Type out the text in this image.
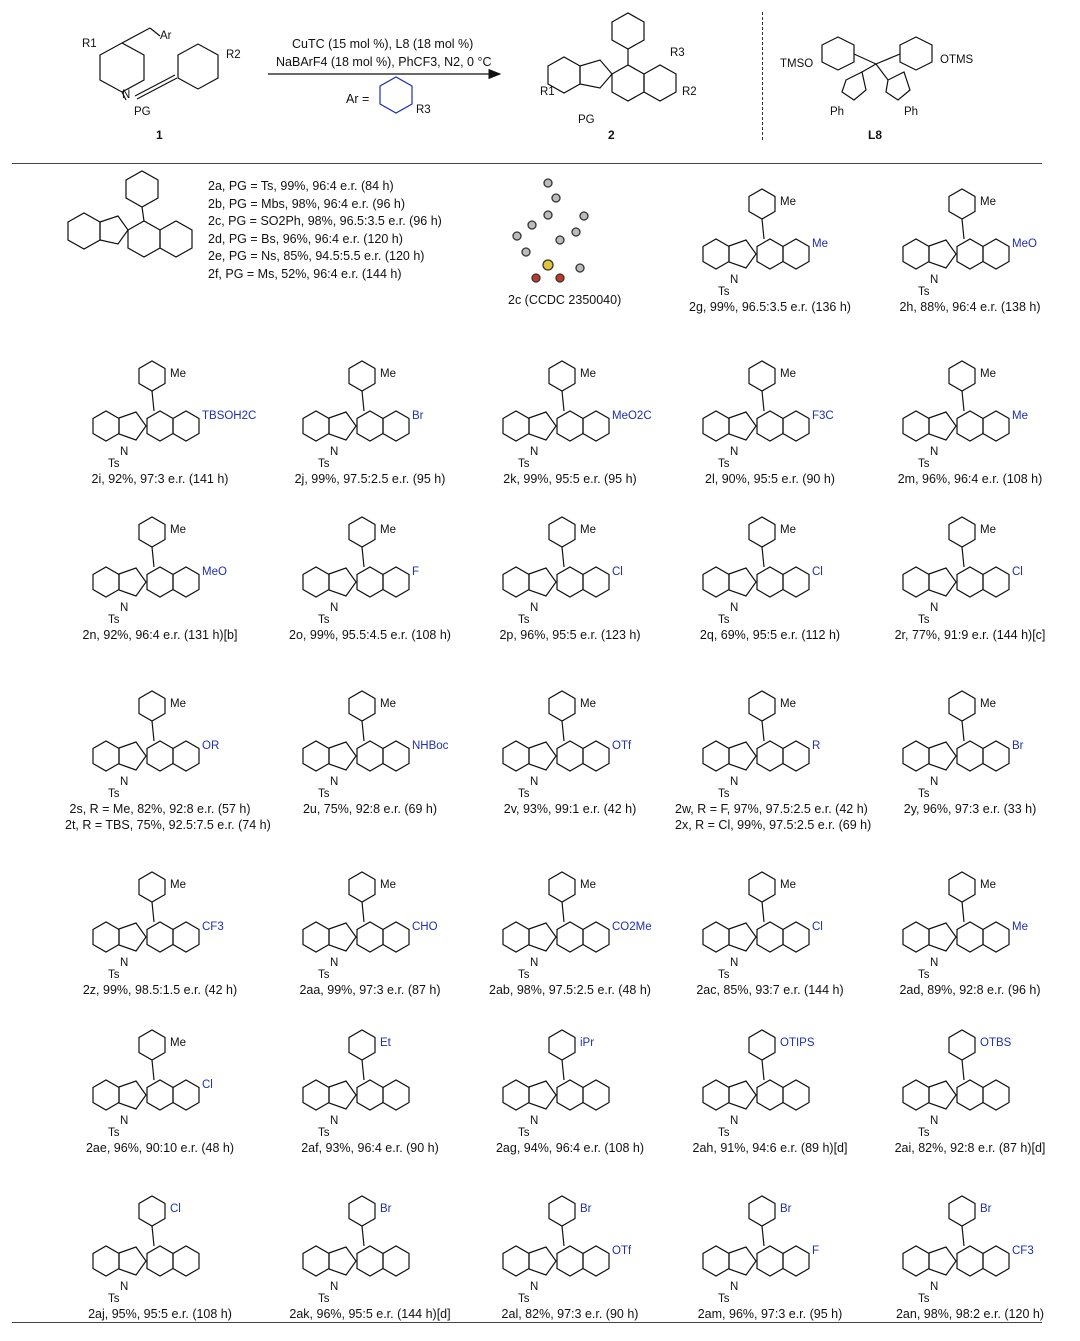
CuTC (15 mol %), L8 (18 mol %)
NaBArF4 (18 mol %), PhCF3, N2, 0 °C
Ar =
1	2	L8
R1
Ar
R2
N
PG	R3
R3
R1	R2
PG
TMSO	OTMS
Ph	Ph
2a, PG = Ts, 99%, 96:4 e.r. (84 h)
2b, PG = Mbs, 98%, 96:4 e.r. (96 h)
2c, PG = SO2Ph, 98%, 96.5:3.5 e.r. (96 h)
2d, PG = Bs, 96%, 96:4 e.r. (120 h)
2e, PG = Ns, 85%, 94.5:5.5 e.r. (120 h)
2f, PG = Ms, 52%, 96:4 e.r. (144 h)
2c (CCDC 2350040)	2g, 99%, 96.5:3.5 e.r. (136 h)
N
Ts
Me
Me
2h, 88%, 96:4 e.r. (138 h)
N
Ts
Me
MeO
2i, 92%, 97:3 e.r. (141 h)
N
Ts
Me
TBSOH2C
2j, 99%, 97.5:2.5 e.r. (95 h)
N
Ts
Me
Br
2k, 99%, 95:5 e.r. (95 h)
N
Ts
Me
MeO2C
2l, 90%, 95:5 e.r. (90 h)
N
Ts
Me
F3C
2m, 96%, 96:4 e.r. (108 h)
N
Ts
Me
Me
2n, 92%, 96:4 e.r. (131 h)[b]
N
Ts
Me
MeO
2o, 99%, 95.5:4.5 e.r. (108 h)
N
Ts
Me
F
2p, 96%, 95:5 e.r. (123 h)
N
Ts
Me
Cl
2q, 69%, 95:5 e.r. (112 h)
N
Ts
Me
Cl
2r, 77%, 91:9 e.r. (144 h)[c]
N
Ts
Me
Cl
2s, R = Me, 82%, 92:8 e.r. (57 h)
2t, R = TBS, 75%, 92.5:7.5 e.r. (74 h)
N
Ts
Me
OR
2u, 75%, 92:8 e.r. (69 h)
N
Ts
Me
NHBoc
2v, 93%, 99:1 e.r. (42 h)
N
Ts
Me
OTf
2w, R = F, 97%, 97.5:2.5 e.r. (42 h)
2x, R = Cl, 99%, 97.5:2.5 e.r. (69 h)
N
Ts
Me
R
2y, 96%, 97:3 e.r. (33 h)
N
Ts
Me
Br
2z, 99%, 98.5:1.5 e.r. (42 h)
N
Ts
Me
CF3
2aa, 99%, 97:3 e.r. (87 h)
N
Ts
Me
CHO
2ab, 98%, 97.5:2.5 e.r. (48 h)
N
Ts
Me
CO2Me
2ac, 85%, 93:7 e.r. (144 h)
N
Ts
Me
Cl
2ad, 89%, 92:8 e.r. (96 h)
N
Ts
Me
Me
2ae, 96%, 90:10 e.r. (48 h)
N
Ts
Me
Cl
2af, 93%, 96:4 e.r. (90 h)
N
Ts
Et
2ag, 94%, 96:4 e.r. (108 h)
N
Ts
iPr
2ah, 91%, 94:6 e.r. (89 h)[d]
N
Ts
OTIPS
2ai, 82%, 92:8 e.r. (87 h)[d]
N
Ts
OTBS
2aj, 95%, 95:5 e.r. (108 h)
N
Ts
Cl
2ak, 96%, 95:5 e.r. (144 h)[d]
N
Ts
Br
2al, 82%, 97:3 e.r. (90 h)
N
Ts
Br
OTf
2am, 96%, 97:3 e.r. (95 h)
N
Ts
Br
F
2an, 98%, 98:2 e.r. (120 h)
N
Ts
Br
CF3
